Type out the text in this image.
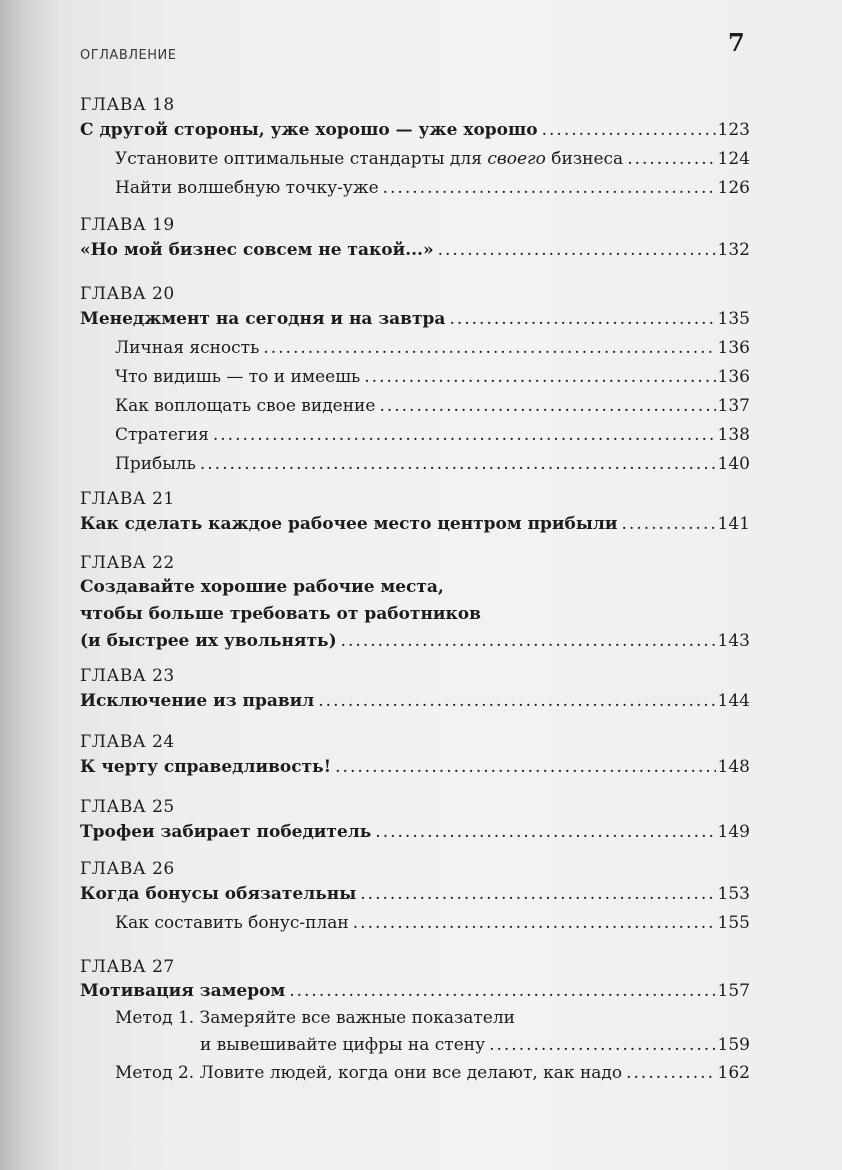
ОГЛАВЛЕНИЕ	7
ГЛАВА 18
С другой стороны, уже хорошо — уже хорошо .....	123
Установите оптимальные стандарты для своего бизнеса .....	124
Найти волшебную точку-уже .....	126
ГЛАВА 19
«Но мой бизнес совсем не такой...» .....	132
ГЛАВА 20
Менеджмент на сегодня и на завтра .....	135
Личная ясность .....	136
Что видишь — то и имеешь .....	136
Как воплощать свое видение .....	137
Стратегия .....	138
Прибыль .....	140
ГЛАВА 21
Как сделать каждое рабочее место центром прибыли .....	141
ГЛАВА 22
Создавайте хорошие рабочие места,
чтобы больше требовать от работников
(и быстрее их увольнять) .....	143
ГЛАВА 23
Исключение из правил .....	144
ГЛАВА 24
К черту справедливость! .....	148
ГЛАВА 25
Трофеи забирает победитель .....	149
ГЛАВА 26
Когда бонусы обязательны .....	153
Как составить бонус-план .....	155
ГЛАВА 27
Мотивация замером .....	157
Метод 1. Замеряйте все важные показатели
и вывешивайте цифры на стену .....	159
Метод 2. Ловите людей, когда они все делают, как надо .....	162
